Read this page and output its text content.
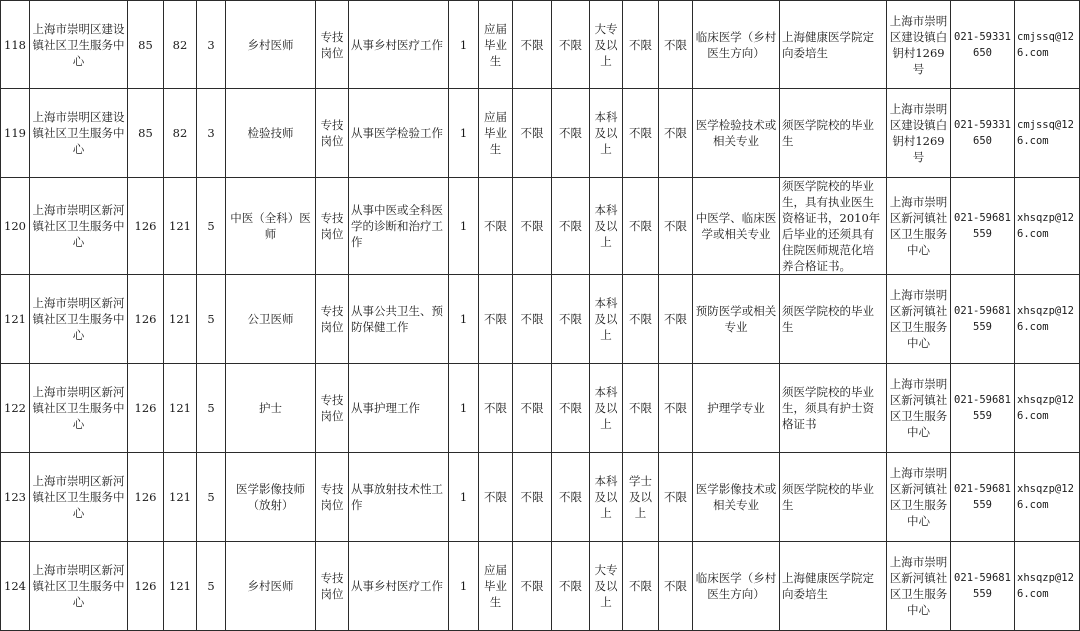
118	上海市崇明区建设镇社区卫生服务中心	85	82	3	乡村医师	专技岗位	从事乡村医疗工作	1	应届毕业生	不限	不限	大专及以上	不限	不限	临床医学（乡村医生方向）	上海健康医学院定向委培生	上海市崇明区建设镇白钥村1269号	021-59331650	cmjssq@126.com
119	上海市崇明区建设镇社区卫生服务中心	85	82	3	检验技师	专技岗位	从事医学检验工作	1	应届毕业生	不限	不限	本科及以上	不限	不限	医学检验技术或相关专业	须医学院校的毕业生	上海市崇明区建设镇白钥村1269号	021-59331650	cmjssq@126.com
120	上海市崇明区新河镇社区卫生服务中心	126	121	5	中医（全科）医师	专技岗位	从事中医或全科医学的诊断和治疗工作	1	不限	不限	不限	本科及以上	不限	不限	中医学、临床医学或相关专业	须医学院校的毕业生，具有执业医生资格证书，2010年后毕业的还须具有住院医师规范化培养合格证书。	上海市崇明区新河镇社区卫生服务中心	021-59681559	xhsqzp@126.com
121	上海市崇明区新河镇社区卫生服务中心	126	121	5	公卫医师	专技岗位	从事公共卫生、预防保健工作	1	不限	不限	不限	本科及以上	不限	不限	预防医学或相关专业	须医学院校的毕业生	上海市崇明区新河镇社区卫生服务中心	021-59681559	xhsqzp@126.com
122	上海市崇明区新河镇社区卫生服务中心	126	121	5	护士	专技岗位	从事护理工作	1	不限	不限	不限	本科及以上	不限	不限	护理学专业	须医学院校的毕业生，须具有护士资格证书	上海市崇明区新河镇社区卫生服务中心	021-59681559	xhsqzp@126.com
123	上海市崇明区新河镇社区卫生服务中心	126	121	5	医学影像技师（放射）	专技岗位	从事放射技术性工作	1	不限	不限	不限	本科及以上	学士及以上	不限	医学影像技术或相关专业	须医学院校的毕业生	上海市崇明区新河镇社区卫生服务中心	021-59681559	xhsqzp@126.com
124	上海市崇明区新河镇社区卫生服务中心	126	121	5	乡村医师	专技岗位	从事乡村医疗工作	1	应届毕业生	不限	不限	大专及以上	不限	不限	临床医学（乡村医生方向）	上海健康医学院定向委培生	上海市崇明区新河镇社区卫生服务中心	021-59681559	xhsqzp@126.com
